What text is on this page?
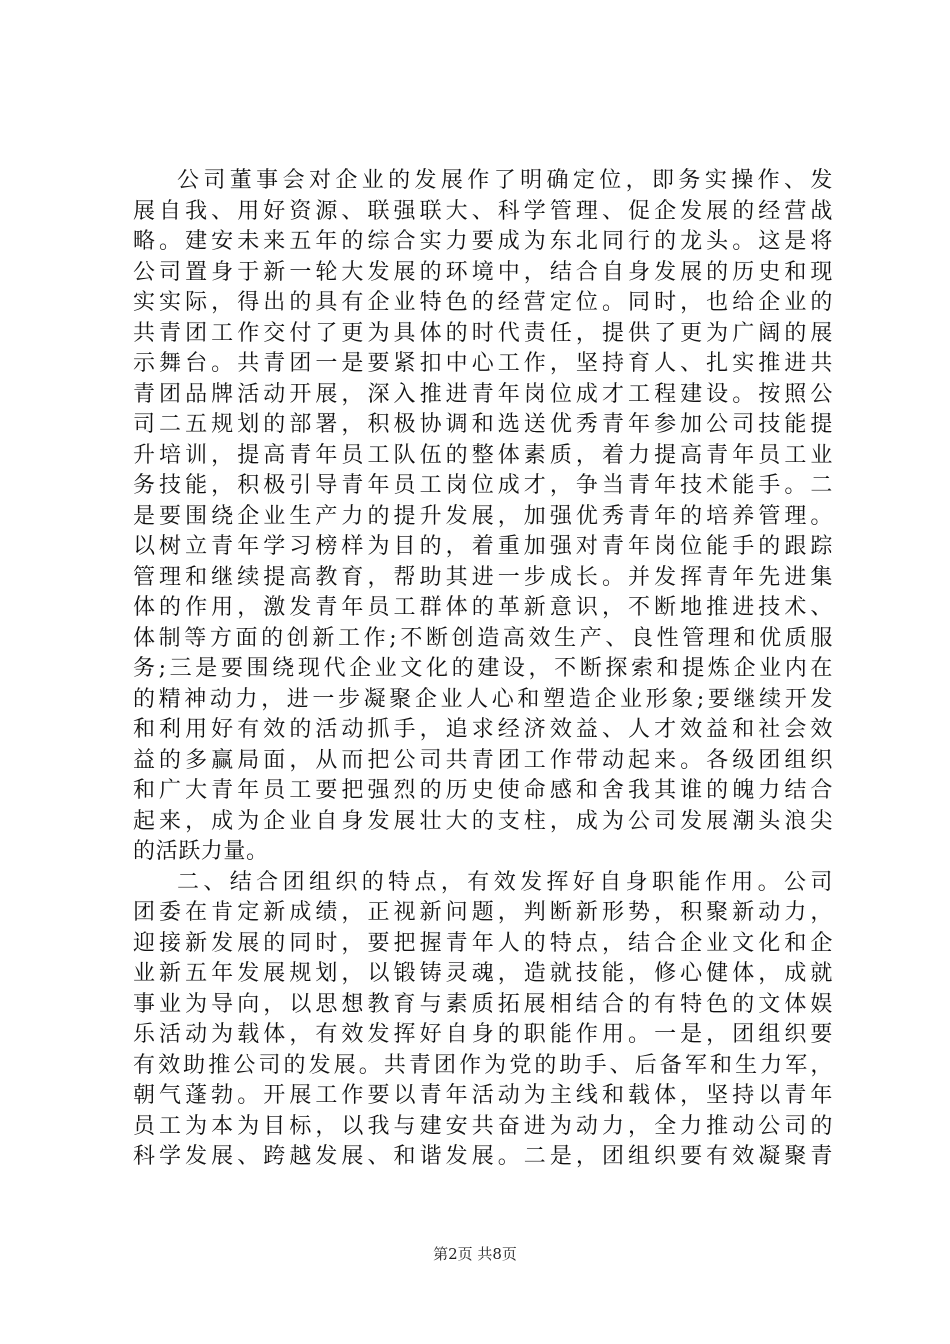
公司董事会对企业的发展作了明确定位，即务实操作、发
展自我、用好资源、联强联大、科学管理、促企发展的经营战
略。建安未来五年的综合实力要成为东北同行的龙头。这是将
公司置身于新一轮大发展的环境中，结合自身发展的历史和现
实实际，得出的具有企业特色的经营定位。同时，也给企业的
共青团工作交付了更为具体的时代责任，提供了更为广阔的展
示舞台。共青团一是要紧扣中心工作，坚持育人、扎实推进共
青团品牌活动开展，深入推进青年岗位成才工程建设。按照公
司二五规划的部署，积极协调和选送优秀青年参加公司技能提
升培训，提高青年员工队伍的整体素质，着力提高青年员工业
务技能，积极引导青年员工岗位成才，争当青年技术能手。二
是要围绕企业生产力的提升发展，加强优秀青年的培养管理。
以树立青年学习榜样为目的，着重加强对青年岗位能手的跟踪
管理和继续提高教育，帮助其进一步成长。并发挥青年先进集
体的作用，激发青年员工群体的革新意识，不断地推进技术、
体制等方面的创新工作;不断创造高效生产、良性管理和优质服
务;三是要围绕现代企业文化的建设，不断探索和提炼企业内在
的精神动力，进一步凝聚企业人心和塑造企业形象;要继续开发
和利用好有效的活动抓手，追求经济效益、人才效益和社会效
益的多赢局面，从而把公司共青团工作带动起来。各级团组织
和广大青年员工要把强烈的历史使命感和舍我其谁的魄力结合
起来，成为企业自身发展壮大的支柱，成为公司发展潮头浪尖
的活跃力量。
二、结合团组织的特点，有效发挥好自身职能作用。公司
团委在肯定新成绩，正视新问题，判断新形势，积聚新动力，
迎接新发展的同时，要把握青年人的特点，结合企业文化和企
业新五年发展规划，以锻铸灵魂，造就技能，修心健体，成就
事业为导向，以思想教育与素质拓展相结合的有特色的文体娱
乐活动为载体，有效发挥好自身的职能作用。一是，团组织要
有效助推公司的发展。共青团作为党的助手、后备军和生力军，
朝气蓬勃。开展工作要以青年活动为主线和载体，坚持以青年
员工为本为目标，以我与建安共奋进为动力，全力推动公司的
科学发展、跨越发展、和谐发展。二是，团组织要有效凝聚青
第2页 共8页
